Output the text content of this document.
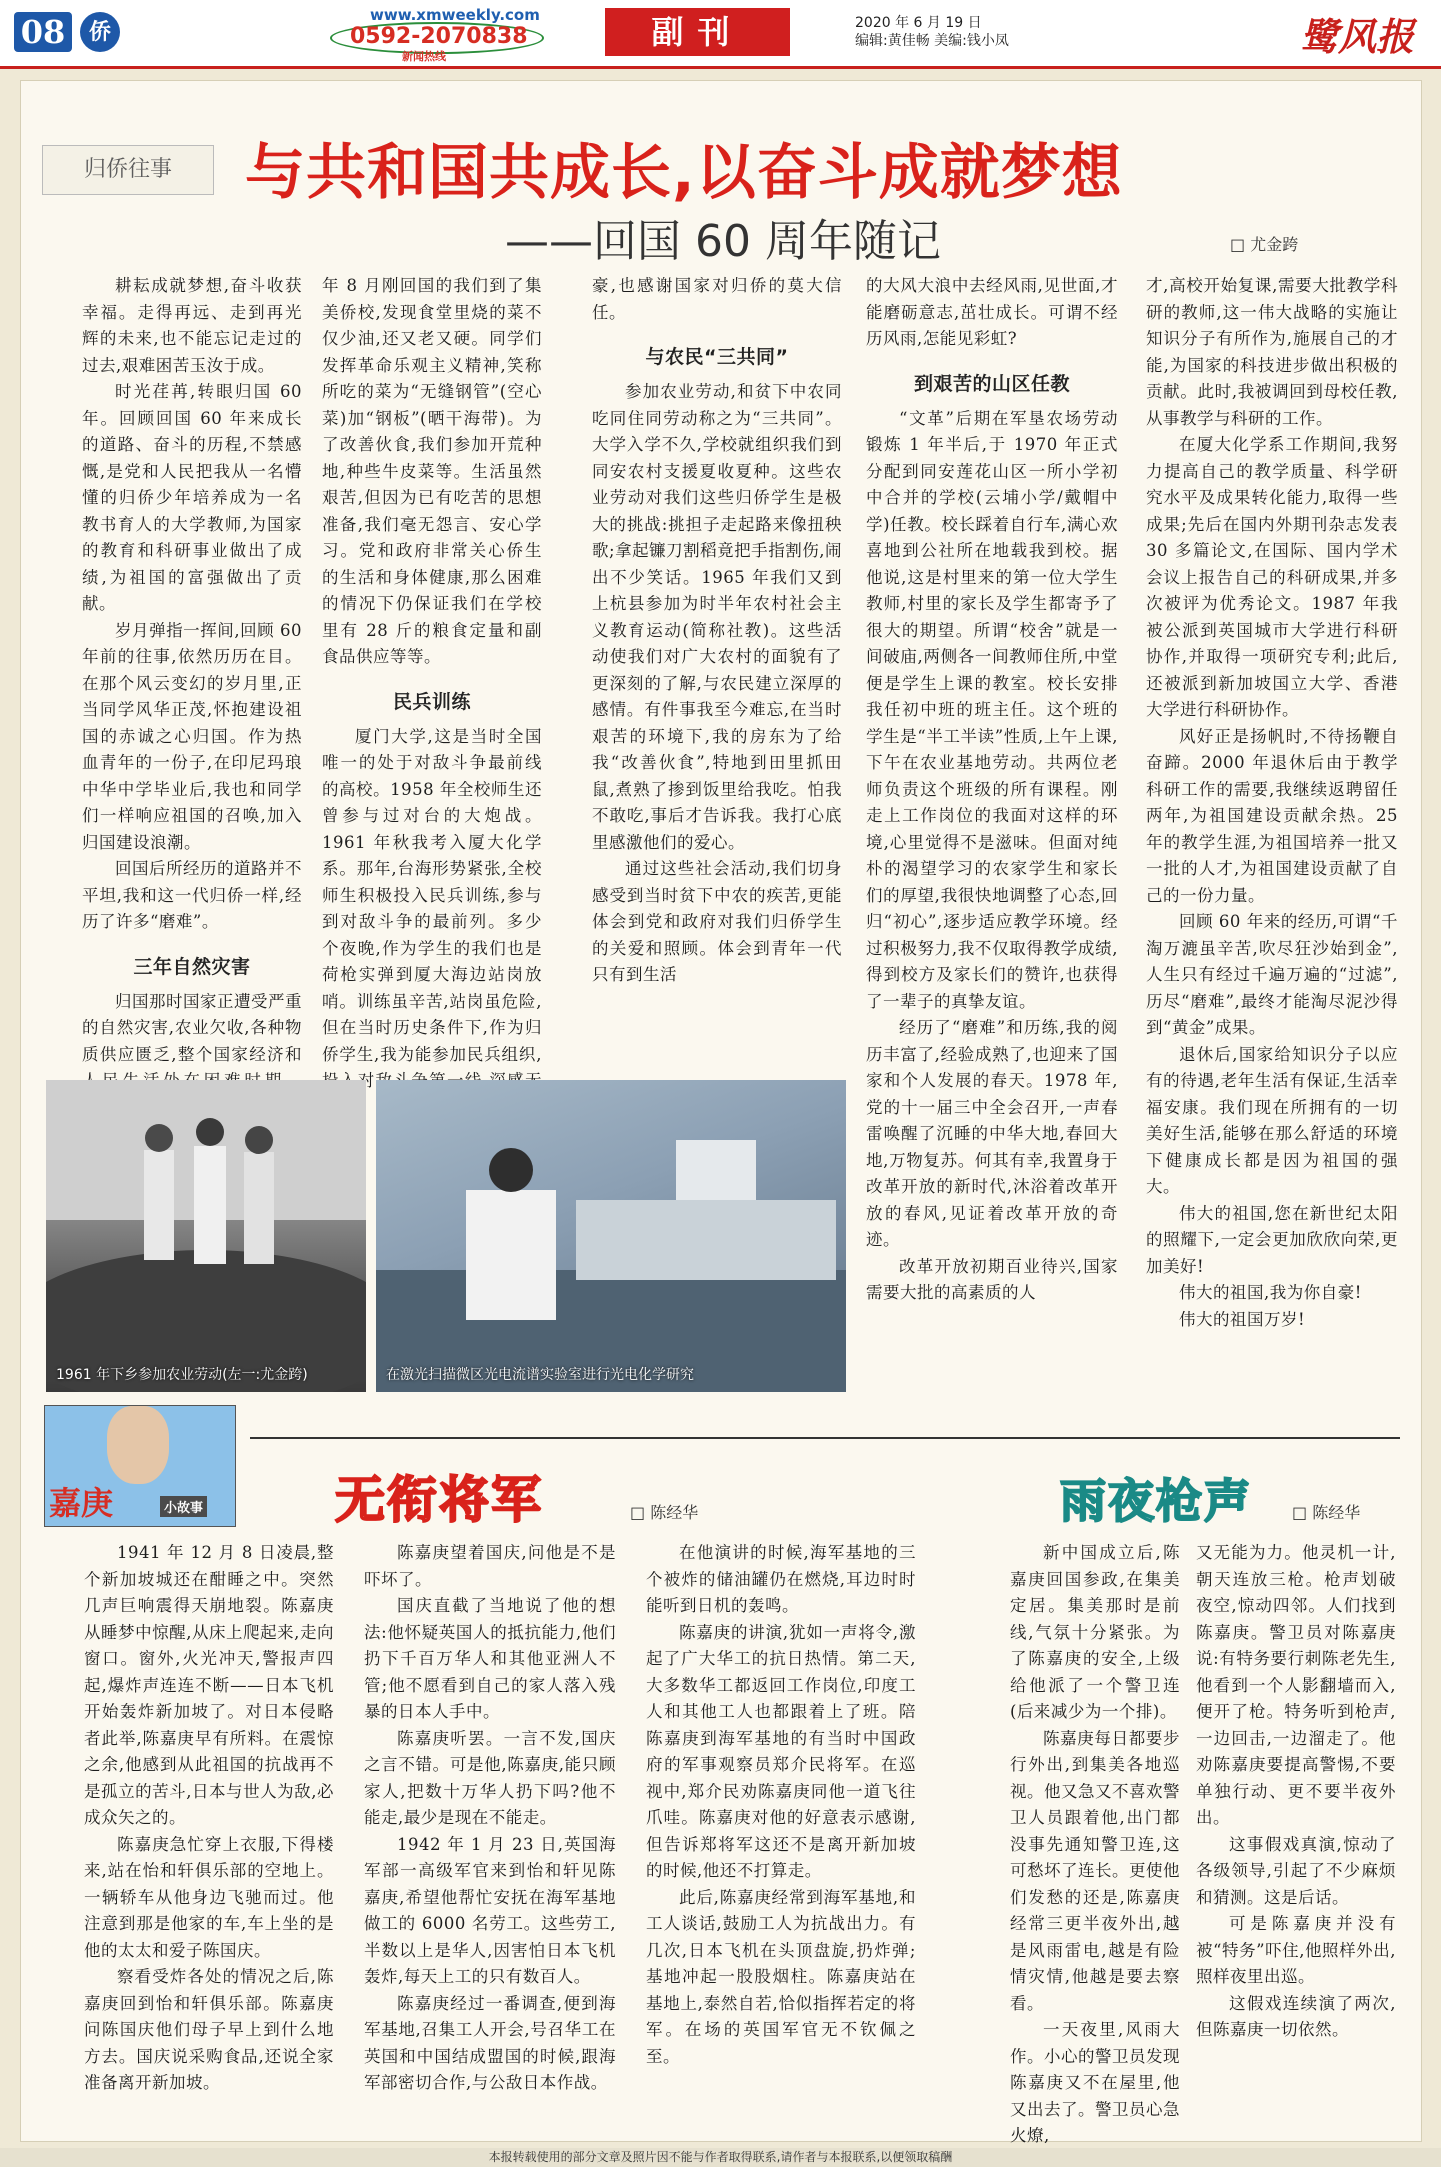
08	侨
www.xmweekly.com
0592-2070838
新闻热线
副刊	2020 年 6 月 19 日
编辑:黄佳畅 美编:钱小凤	鹭风报
归侨往事	与共和国共成长,以奋斗成就梦想
——回国 60 周年随记	□ 尤金跨

耕耘成就梦想,奋斗收获幸福。走得再远、走到再光辉的未来,也不能忘记走过的过去,艰难困苦玉汝于成。

时光荏苒,转眼归国 60 年。回顾回国 60 年来成长的道路、奋斗的历程,不禁感慨,是党和人民把我从一名懵懂的归侨少年培养成为一名教书育人的大学教师,为国家的教育和科研事业做出了成绩,为祖国的富强做出了贡献。

岁月弹指一挥间,回顾 60 年前的往事,依然历历在目。在那个风云变幻的岁月里,正当同学风华正茂,怀抱建设祖国的赤诚之心归国。作为热血青年的一份子,在印尼玛琅中华中学毕业后,我也和同学们一样响应祖国的召唤,加入归国建设浪潮。

回国后所经历的道路并不平坦,我和这一代归侨一样,经历了许多“磨难”。

三年自然灾害

归国那时国家正遭受严重的自然灾害,农业欠收,各种物质供应匮乏,整个国家经济和

年 8 月刚回国的我们到了集美侨校,发现食堂里烧的菜不仅少油,还又老又硬。同学们发挥革命乐观主义精神,笑称所吃的菜为“无缝钢管”(空心菜)加“钢板”(晒干海带)。为了改善伙食,我们参加开荒种地,种些牛皮菜等。生活虽然艰苦,但因为已有吃苦的思想准备,我们毫无怨言、安心学习。党和政府非常关心侨生的生活和身体健康,那么困难的情况下仍保证我们在学校里有 28 斤的粮食定量和副食品供应等等。

民兵训练

厦门大学,这是当时全国唯一的处于对敌斗争最前线的高校。1958 年全校师生还曾参与过对台的大炮战。1961 年秋我考入厦大化学系。那年,台海形势紧张,全校师生积极投入民兵训练,参与到对敌斗争的最前列。多少个夜晚,作为学生的我们也是荷枪实弹到厦大海边站岗放哨。训练虽辛苦,站岗虽危险,但在当时历史条件下,作为归侨学生,我为能参加民兵组织, 对

豪,也感谢国家对归侨的莫大信任。

与农民“三共同”

参加农业劳动,和贫下中农同吃同住同劳动称之为“三共同”。大学入学不久,学校就组织我们到同安农村支援夏收夏种。这些农业劳动对我们这些归侨学生是极大的挑战:挑担子走起路来像扭秧歌;拿起镰刀割稻竟把手指割伤,闹出不少笑话。1965 年我们又到上杭县参加为时半年农村社会主义教育运动(简称社教)。这些活动使我们对广大农村的面貌有了更深刻的了解,与农民建立深厚的感情。有件事我至今难忘,在当时艰苦的环境下,我的房东为了给我“改善伙食”,特地到田里抓田鼠,煮熟了掺到饭里给我吃。怕我不敢吃,事后才告诉我。我打心底里感激他们的爱心。

通过这些社会活动,我们切身感受到当时贫下中农的疾苦,更能体会到党和政府对我们归侨学生的关爱和照顾。体会到青年一代只有到生活

的大风大浪中去经风雨,见世面,才能磨砺意志,茁壮成长。可谓不经历风雨,怎能见彩虹?

到艰苦的山区任教

“文革”后期在军垦农场劳动锻炼 1 年半后,于 1970 年正式分配到同安莲花山区一所小学初中合并的学校(云埔小学/戴帽中学)任教。校长踩着自行车,满心欢喜地到公社所在地载我到校。据他说,这是村里来的第一位大学生教师,村里的家长及学生都寄予了很大的期望。所谓“校舍”就是一间破庙,两侧各一间教师住所,中堂便是学生上课的教室。校长安排我任初中班的班主任。这个班的学生是“半工半读”性质,上午上课,下午在农业基地劳动。共两位老师负责这个班级的所有课程。刚走上工作岗位的我面对这样的环境,心里觉得不是滋味。但面对纯朴的渴望学习的农家学生和家长们的厚望,我很快地调整了心态,回归“初心”,逐步适应教学环境。经过积极努力,我不仅取得教学成绩,得到校方及家长们的赞许,也获得了一辈子的真挚友谊。

经历了“磨难”和历练,我的阅历丰富了,经验成熟了,也迎来了国家和个人发展的春天。1978 年,党的十一届三中全会召开,一声春雷唤醒了沉睡的中华大地,春回大地,万物复苏。何其有幸,我置身于改革开放的新时代,沐浴着改革开放的春风,见证着改革开放的奇迹。

改革开放初期百业待兴,国家需要大批的高素质的人

才,高校开始复课,需要大批教学科研的教师,这一伟大战略的实施让知识分子有所作为,施展自己的才能,为国家的科技进步做出积极的贡献。此时,我被调回到母校任教,从事教学与科研的工作。

在厦大化学系工作期间,我努力提高自己的教学质量、科学研究水平及成果转化能力,取得一些成果;先后在国内外期刊杂志发表 30 多篇论文,在国际、国内学术会议上报告自己的科研成果,并多次被评为优秀论文。1987 年我被公派到英国城市大学进行科研协作,并取得一项研究专利;此后,还被派到新加坡国立大学、香港大学进行科研协作。

风好正是扬帆时,不待扬鞭自奋蹄。2000 年退休后由于教学科研工作的需要,我继续返聘留任两年,为祖国建设贡献余热。25 年的教学生涯,为祖国培养一批又一批的人才,为祖国建设贡献了自己的一份力量。

回顾 60 年来的经历,可谓“千淘万漉虽辛苦,吹尽狂沙始到金”,人生只有经过千遍万遍的“过滤”,历尽“磨难”,最终才能淘尽泥沙得到“黄金”成果。

退休后,国家给知识分子以应有的待遇,老年生活有保证,生活幸福安康。我们现在所拥有的一切美好生活,能够在那么舒适的环境下健康成长都是因为祖国的强大。

伟大的祖国,您在新世纪太阳的照耀下,一定会更加欣欣向荣,更加美好!

伟大的祖国,我为你自豪!

伟大的祖国万岁!

1961 年下乡参加农业劳动(左一:尤金跨)	在激光扫描微区光电流谱实验室进行光电化学研究
嘉庚	小故事	无衔将军	□ 陈经华	雨夜枪声	□ 陈经华

1941 年 12 月 8 日凌晨,整个新加坡城还在酣睡之中。突然几声巨响震得天崩地裂。陈嘉庚从睡梦中惊醒,从床上爬起来,走向窗口。窗外,火光冲天,警报声四起,爆炸声连连不断——日本飞机开始轰炸新加坡了。对日本侵略者此举,陈嘉庚早有所料。在震惊之余,他感到从此祖国的抗战再不是孤立的苦斗,日本与世人为敌,必成众矢之的。

陈嘉庚急忙穿上衣服,下得楼来,站在怡和轩俱乐部的空地上。一辆轿车从他身边飞驰而过。他注意到那是他家的车,车上坐的是他的太太和爱子陈国庆。

察看受炸各处的情况之后,陈嘉庚回到怡和轩俱乐部。陈嘉庚问陈国庆他们母子早上到什么地方去。国庆说采购食品,还说全家准备离开新加坡。

陈嘉庚望着国庆,问他是不是吓坏了。

国庆直截了当地说了他的想法:他怀疑英国人的抵抗能力,他们扔下千百万华人和其他亚洲人不管;他不愿看到自己的家人落入残暴的日本人手中。

陈嘉庚听罢。一言不发,国庆之言不错。可是他,陈嘉庚,能只顾家人,把数十万华人扔下吗?他不能走,最少是现在不能走。

1942 年 1 月 23 日,英国海军部一高级军官来到怡和轩见陈嘉庚,希望他帮忙安抚在海军基地做工的 6000 名劳工。这些劳工,半数以上是华人,因害怕日本飞机轰炸,每天上工的只有数百人。

陈嘉庚经过一番调查,便到海军基地,召集工人开会,号召华工在英国和中国结成盟国的时候,跟海军部密切合作,与公敌日本作战。

在他演讲的时候,海军基地的三个被炸的储油罐仍在燃烧,耳边时时能听到日机的轰鸣。

陈嘉庚的讲演,犹如一声将令,激起了广大华工的抗日热情。第二天,大多数华工都返回工作岗位,印度工人和其他工人也都跟着上了班。陪陈嘉庚到海军基地的有当时中国政府的军事观察员郑介民将军。在巡视中,郑介民劝陈嘉庚同他一道飞往爪哇。陈嘉庚对他的好意表示感谢,但告诉郑将军这还不是离开新加坡的时候,他还不打算走。

此后,陈嘉庚经常到海军基地,和工人谈话,鼓励工人为抗战出力。有几次,日本飞机在头顶盘旋,扔炸弹;基地冲起一股股烟柱。陈嘉庚站在基地上,泰然自若,恰似指挥若定的将军。在场的英国军官无不钦佩之至。

新中国成立后,陈嘉庚回国参政,在集美定居。集美那时是前线,气氛十分紧张。为了陈嘉庚的安全,上级给他派了一个警卫连(后来减少为一个排)。

陈嘉庚每日都要步行外出,到集美各地巡视。他又急又不喜欢警卫人员跟着他,出门都没事先通知警卫连,这可愁坏了连长。更使他们发愁的还是,陈嘉庚经常三更半夜外出,越是风雨雷电,越是有险情灾情,他越是要去察看。

一天夜里,风雨大作。小心的警卫员发现陈嘉庚又不在屋里,他又出去了。警卫员心急火燎,

又无能为力。他灵机一计,朝天连放三枪。枪声划破夜空,惊动四邻。人们找到陈嘉庚。警卫员对陈嘉庚说:有特务要行刺陈老先生,他看到一个人影翻墙而入,便开了枪。特务听到枪声,一边回击,一边溜走了。他劝陈嘉庚要提高警惕,不要单独行动、更不要半夜外出。

这事假戏真演,惊动了各级领导,引起了不少麻烦和猜测。这是后话。

可是陈嘉庚并没有被“特务”吓住,他照样外出,照样夜里出巡。

这假戏连续演了两次,但陈嘉庚一切依然。

本报转载使用的部分文章及照片因不能与作者取得联系,请作者与本报联系,以便领取稿酬
